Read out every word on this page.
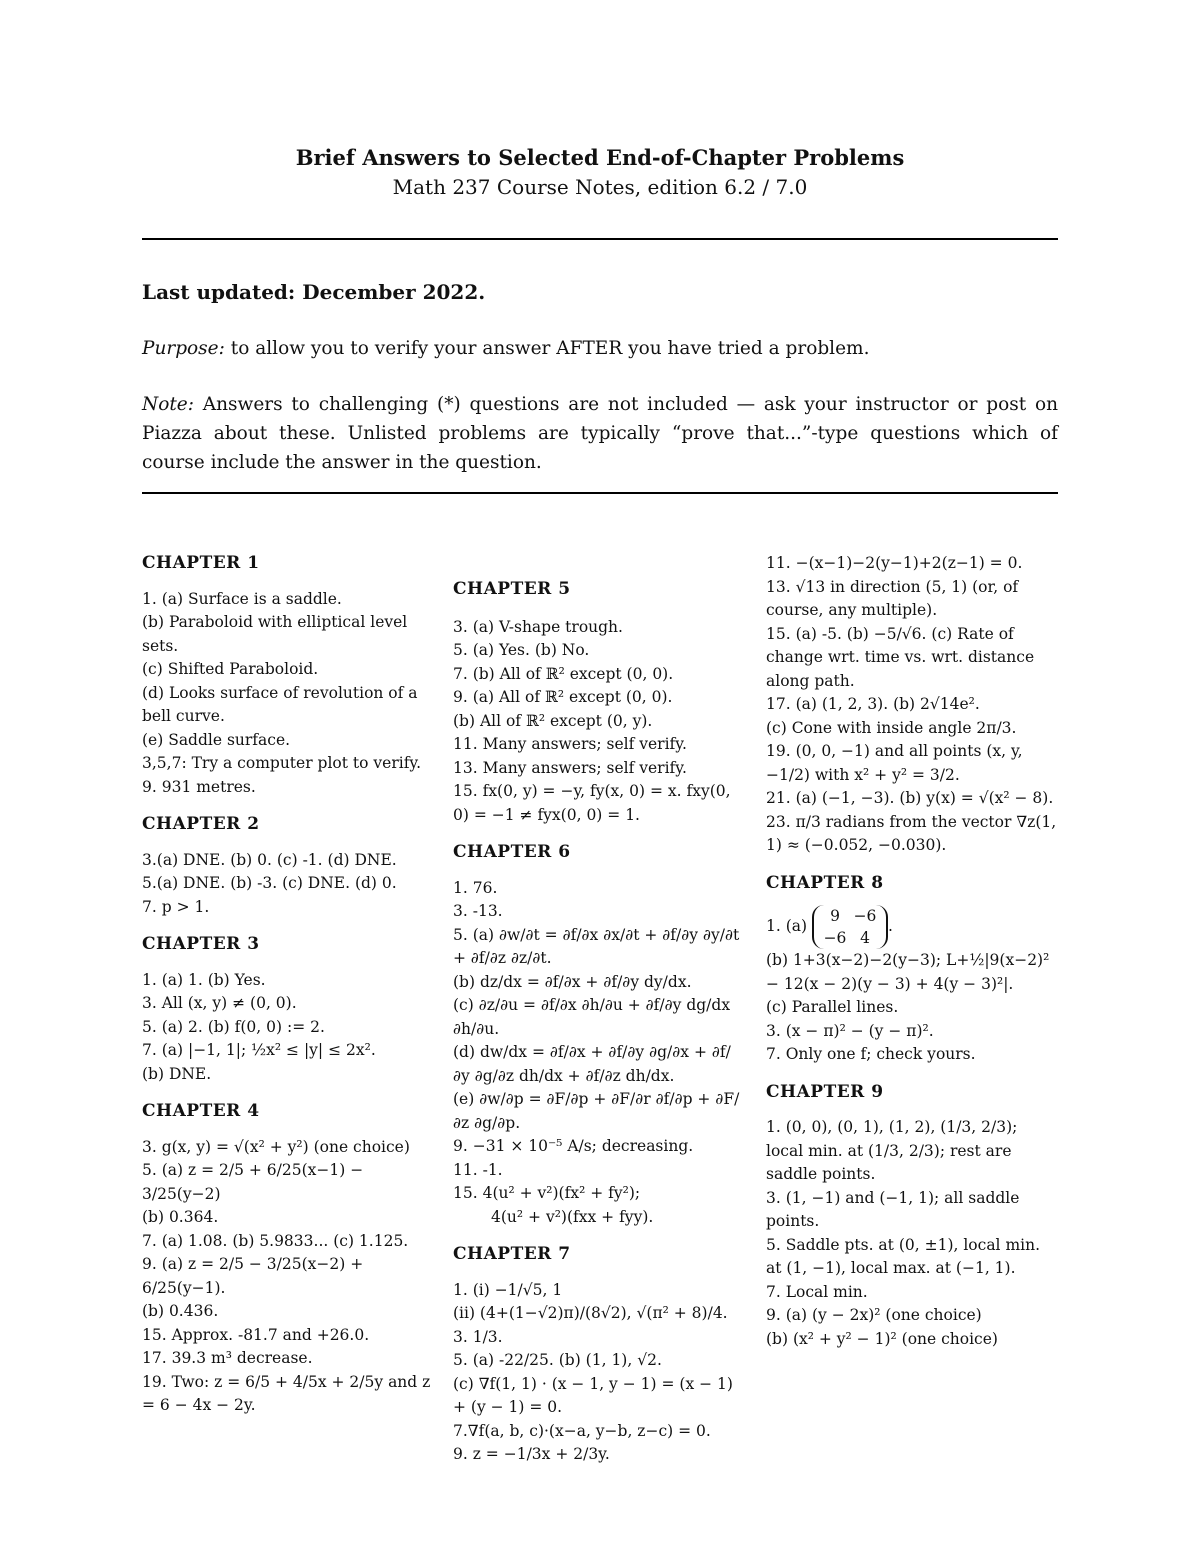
Brief Answers to Selected End-of-Chapter Problems
Math 237 Course Notes, edition 6.2 / 7.0
Last updated: December 2022.
Purpose: to allow you to verify your answer AFTER you have tried a problem.
Note: Answers to challenging (*) questions are not included — ask your instructor or post on Piazza about these. Unlisted problems are typically “prove that...”-type questions which of course include the answer in the question.

CHAPTER 1

1. (a) Surface is a saddle.

(b) Paraboloid with elliptical level sets.

(c) Shifted Paraboloid.

(d) Looks surface of revolution of a bell curve.

(e) Saddle surface.

3,5,7: Try a computer plot to verify.

9. 931 metres.

CHAPTER 2

3.(a) DNE. (b) 0. (c) -1. (d) DNE.

5.(a) DNE. (b) -3. (c) DNE. (d) 0.

7. p > 1.

CHAPTER 3

1. (a) 1. (b) Yes.

3. All (x, y) ≠ (0, 0).

5. (a) 2. (b) f(0, 0) := 2.

7. (a) |−1, 1|; ½x² ≤ |y| ≤ 2x².

(b) DNE.

CHAPTER 4

3. g(x, y) = √(x² + y²) (one choice)

5. (a) z = 2/5 + 6/25(x−1) − 3/25(y−2)

(b) 0.364.

7. (a) 1.08. (b) 5.9833... (c) 1.125.

9. (a) z = 2/5 − 3/25(x−2) + 6/25(y−1).

(b) 0.436.

15. Approx. -81.7 and +26.0.

17. 39.3 m³ decrease.

19. Two: z = 6/5 + 4/5x + 2/5y and z = 6 − 4x − 2y.

CHAPTER 5

3. (a) V-shape trough.

5. (a) Yes. (b) No.

7. (b) All of ℝ² except (0, 0).

9. (a) All of ℝ² except (0, 0).

(b) All of ℝ² except (0, y).

11. Many answers; self verify.

13. Many answers; self verify.

15. fx(0, y) = −y, fy(x, 0) = x. fxy(0, 0) = −1 ≠ fyx(0, 0) = 1.

CHAPTER 6

1. 76.

3. -13.

5. (a) ∂w/∂t = ∂f/∂x ∂x/∂t + ∂f/∂y ∂y/∂t + ∂f/∂z ∂z/∂t.

(b) dz/dx = ∂f/∂x + ∂f/∂y dy/dx.

(c) ∂z/∂u = ∂f/∂x ∂h/∂u + ∂f/∂y dg/dx ∂h/∂u.

(d) dw/dx = ∂f/∂x + ∂f/∂y ∂g/∂x + ∂f/∂y ∂g/∂z dh/dx + ∂f/∂z dh/dx.

(e) ∂w/∂p = ∂F/∂p + ∂F/∂r ∂f/∂p + ∂F/∂z ∂g/∂p.

9. −31 × 10⁻⁵ A/s; decreasing.

11. -1.

15. 4(u² + v²)(fx² + fy²);

4(u² + v²)(fxx + fyy).

CHAPTER 7

1. (i) −1/√5, 1

(ii) (4+(1−√2)π)/(8√2), √(π² + 8)/4. 3. 1/3.

5. (a) -22/25. (b) (1, 1), √2.

(c) ∇f(1, 1) · (x − 1, y − 1) = (x − 1) + (y − 1) = 0.

7.∇f(a, b, c)·(x−a, y−b, z−c) = 0.

9. z = −1/3x + 2/3y.

11. −(x−1)−2(y−1)+2(z−1) = 0.

13. √13 in direction (5, 1) (or, of course, any multiple).

15. (a) -5. (b) −5/√6. (c) Rate of change wrt. time vs. wrt. distance along path.

17. (a) (1, 2, 3). (b) 2√14e².

(c) Cone with inside angle 2π/3.

19. (0, 0, −1) and all points (x, y, −1/2) with x² + y² = 3/2.

21. (a) (−1, −3). (b) y(x) = √(x² − 8).

23. π/3 radians from the vector ∇z(1, 1) ≈ (−0.052, −0.030).

CHAPTER 8

1. (a) 9 −6
−6 4.

(b) 1+3(x−2)−2(y−3); L+½|9(x−2)² − 12(x − 2)(y − 3) + 4(y − 3)²|.

(c) Parallel lines.

3. (x − π)² − (y − π)².

7. Only one f; check yours.

CHAPTER 9

1. (0, 0), (0, 1), (1, 2), (1/3, 2/3); local min. at (1/3, 2/3); rest are saddle points.

3. (1, −1) and (−1, 1); all saddle points.

5. Saddle pts. at (0, ±1), local min. at (1, −1), local max. at (−1, 1).

7. Local min.

9. (a) (y − 2x)² (one choice)

(b) (x² + y² − 1)² (one choice)
